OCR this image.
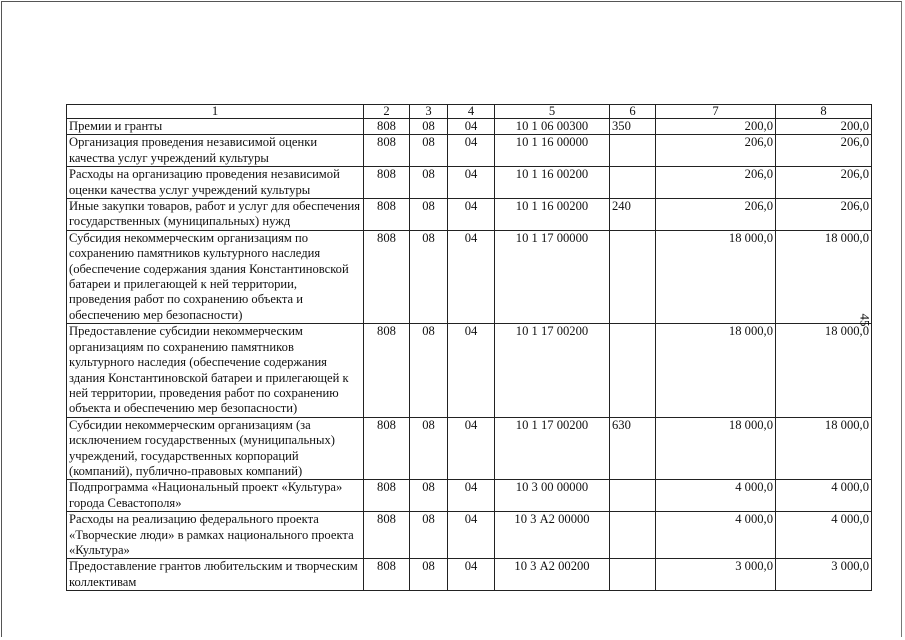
1	2	3	4	5	6	7	8
Премии и гранты	808	08	04	10 1 06 00300	350	200,0	200,0
Организация проведения независимой оценки качества услуг учреждений культуры	808	08	04	10 1 16 00000		206,0	206,0
Расходы на организацию проведения независимой оценки качества услуг учреждений культуры	808	08	04	10 1 16 00200		206,0	206,0
Иные закупки товаров, работ и услуг для обеспечения государственных (муниципальных) нужд	808	08	04	10 1 16 00200	240	206,0	206,0
Субсидия некоммерческим организациям по сохранению памятников культурного наследия (обеспечение содержания здания Константиновской батареи и прилегающей к ней территории, проведения работ по сохранению объекта и обеспечению мер безопасности)	808	08	04	10 1 17 00000		18 000,0	18 000,0
Предоставление субсидии некоммерческим организациям по сохранению памятников культурного наследия (обеспечение содержания здания Константиновской батареи и прилегающей к ней территории, проведения работ по сохранению объекта и обеспечению мер безопасности)	808	08	04	10 1 17 00200		18 000,0	18 000,0
Субсидии некоммерческим организациям (за исключением государственных (муниципальных) учреждений, государственных корпораций (компаний), публично-правовых компаний)	808	08	04	10 1 17 00200	630	18 000,0	18 000,0
Подпрограмма «Национальный проект «Культура» города Севастополя»	808	08	04	10 3 00 00000		4 000,0	4 000,0
Расходы на реализацию федерального проекта «Творческие люди» в рамках национального проекта «Культура»	808	08	04	10 3 А2 00000		4 000,0	4 000,0
Предоставление грантов любительским и творческим коллективам	808	08	04	10 3 А2 00200		3 000,0	3 000,0
45
